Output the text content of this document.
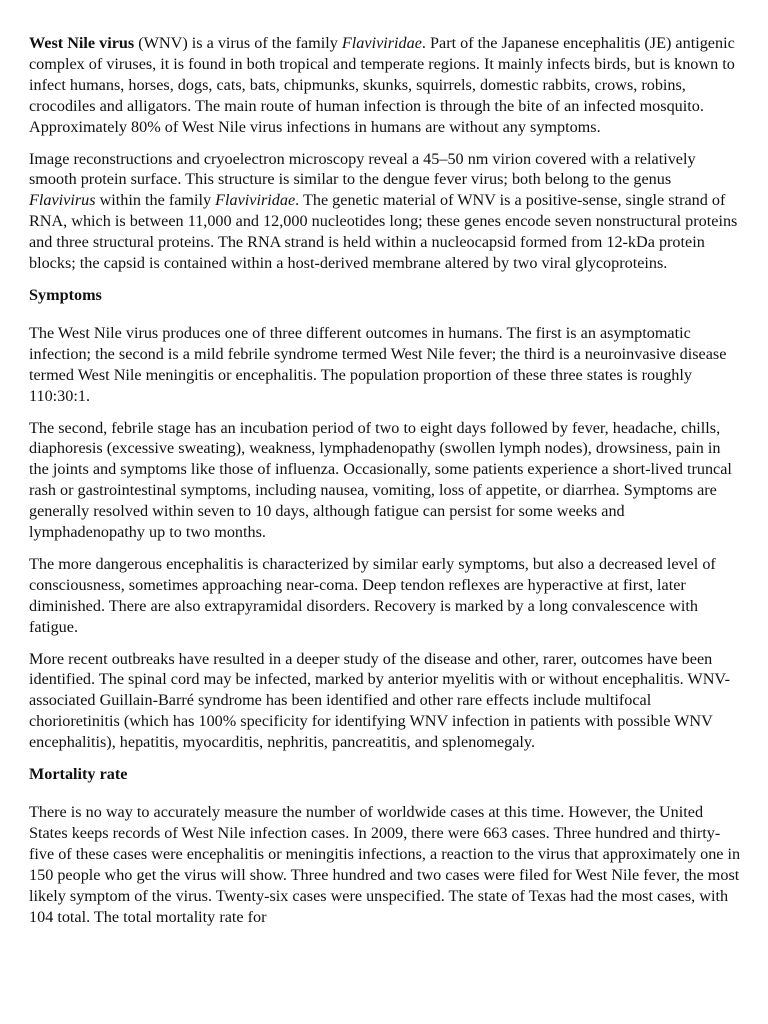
West Nile virus (WNV) is a virus of the family Flaviviridae. Part of the Japanese encephalitis (JE) antigenic complex of viruses, it is found in both tropical and temperate regions. It mainly infects birds, but is known to infect humans, horses, dogs, cats, bats, chipmunks, skunks, squirrels, domestic rabbits, crows, robins, crocodiles and alligators. The main route of human infection is through the bite of an infected mosquito. Approximately 80% of West Nile virus infections in humans are without any symptoms.

Image reconstructions and cryoelectron microscopy reveal a 45–50 nm virion covered with a relatively smooth protein surface. This structure is similar to the dengue fever virus; both belong to the genus Flavivirus within the family Flaviviridae. The genetic material of WNV is a positive-sense, single strand of RNA, which is between 11,000 and 12,000 nucleotides long; these genes encode seven nonstructural proteins and three structural proteins. The RNA strand is held within a nucleocapsid formed from 12-kDa protein blocks; the capsid is contained within a host-derived membrane altered by two viral glycoproteins.

Symptoms

The West Nile virus produces one of three different outcomes in humans. The first is an asymptomatic infection; the second is a mild febrile syndrome termed West Nile fever; the third is a neuroinvasive disease termed West Nile meningitis or encephalitis. The population proportion of these three states is roughly 110:30:1.

The second, febrile stage has an incubation period of two to eight days followed by fever, headache, chills, diaphoresis (excessive sweating), weakness, lymphadenopathy (swollen lymph nodes), drowsiness, pain in the joints and symptoms like those of influenza. Occasionally, some patients experience a short-lived truncal rash or gastrointestinal symptoms, including nausea, vomiting, loss of appetite, or diarrhea. Symptoms are generally resolved within seven to 10 days, although fatigue can persist for some weeks and lymphadenopathy up to two months.

The more dangerous encephalitis is characterized by similar early symptoms, but also a decreased level of consciousness, sometimes approaching near-coma. Deep tendon reflexes are hyperactive at first, later diminished. There are also extrapyramidal disorders. Recovery is marked by a long convalescence with fatigue.

More recent outbreaks have resulted in a deeper study of the disease and other, rarer, outcomes have been identified. The spinal cord may be infected, marked by anterior myelitis with or without encephalitis. WNV-associated Guillain-Barré syndrome has been identified and other rare effects include multifocal chorioretinitis (which has 100% specificity for identifying WNV infection in patients with possible WNV encephalitis), hepatitis, myocarditis, nephritis, pancreatitis, and splenomegaly.

Mortality rate

There is no way to accurately measure the number of worldwide cases at this time. However, the United States keeps records of West Nile infection cases. In 2009, there were 663 cases. Three hundred and thirty-five of these cases were encephalitis or meningitis infections, a reaction to the virus that approximately one in 150 people who get the virus will show. Three hundred and two cases were filed for West Nile fever, the most likely symptom of the virus. Twenty-six cases were unspecified. The state of Texas had the most cases, with 104 total. The total mortality rate for
